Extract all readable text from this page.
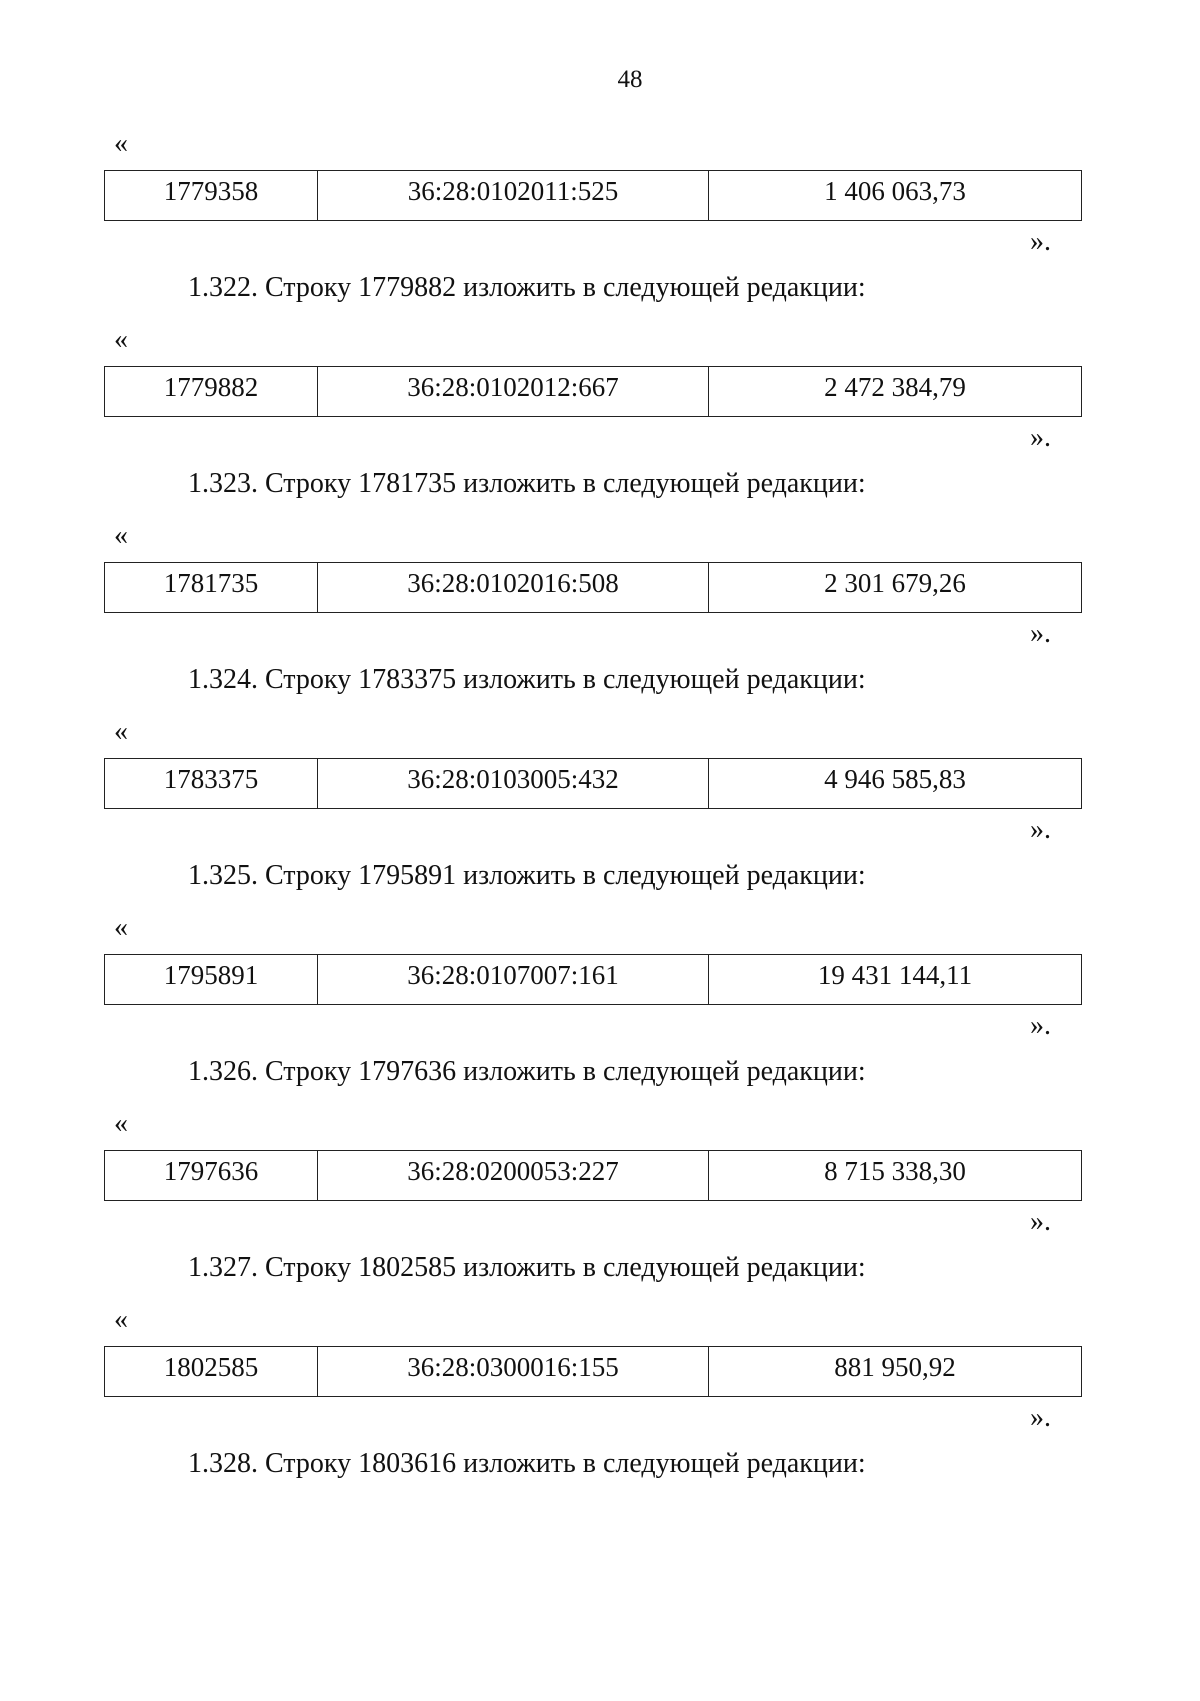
48
«
1779358	36:28:0102011:525	1 406 063,73
».
1.322. Строку 1779882 изложить в следующей редакции:
«
1779882	36:28:0102012:667	2 472 384,79
».
1.323. Строку 1781735 изложить в следующей редакции:
«
1781735	36:28:0102016:508	2 301 679,26
».
1.324. Строку 1783375 изложить в следующей редакции:
«
1783375	36:28:0103005:432	4 946 585,83
».
1.325. Строку 1795891 изложить в следующей редакции:
«
1795891	36:28:0107007:161	19 431 144,11
».
1.326. Строку 1797636 изложить в следующей редакции:
«
1797636	36:28:0200053:227	8 715 338,30
».
1.327. Строку 1802585 изложить в следующей редакции:
«
1802585	36:28:0300016:155	881 950,92
».
1.328. Строку 1803616 изложить в следующей редакции:
